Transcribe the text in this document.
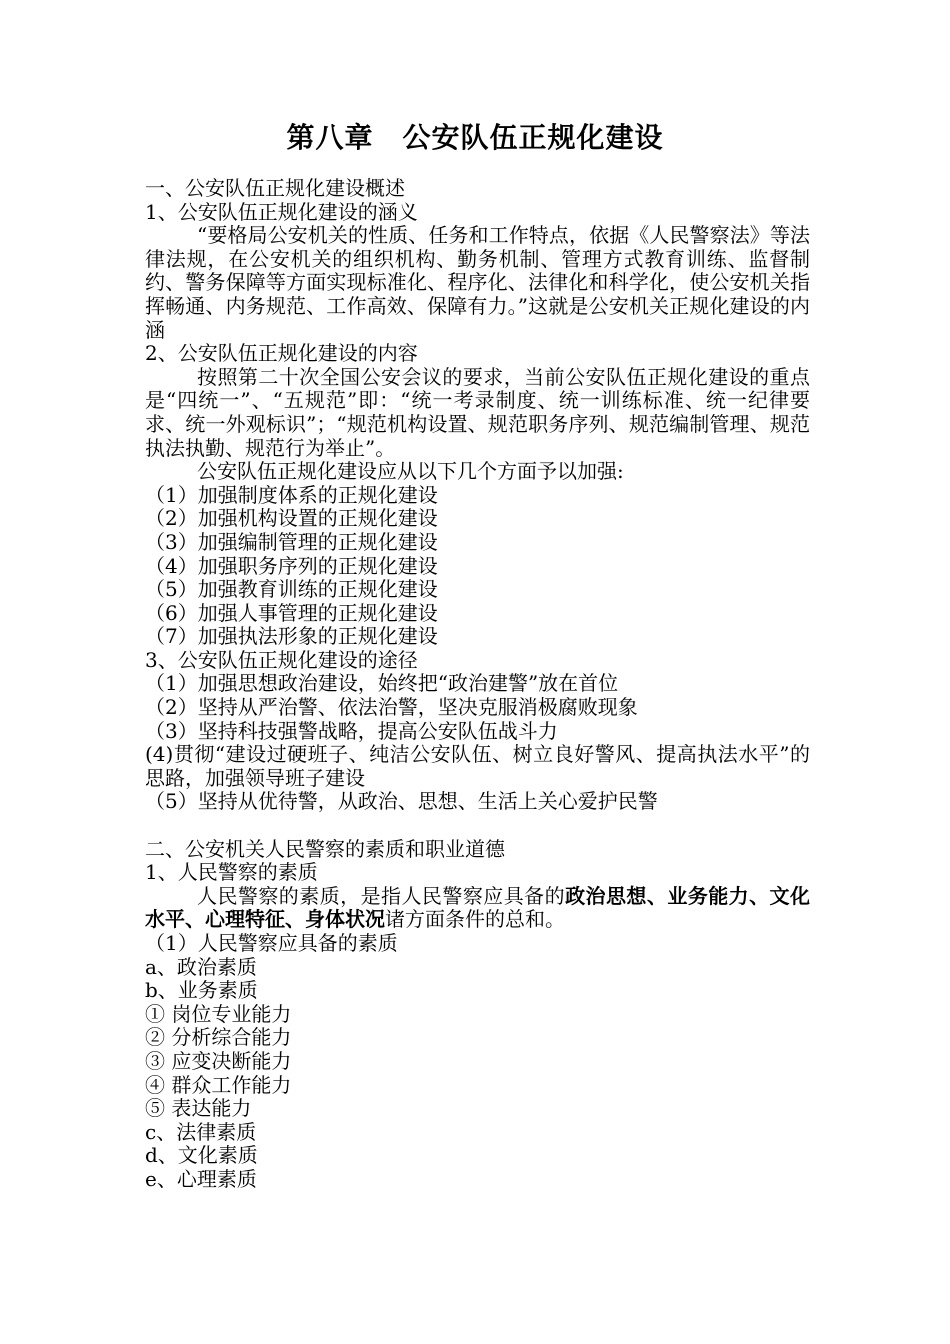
第八章　公安队伍正规化建设

一、公安队伍正规化建设概述

1、公安队伍正规化建设的涵义

“要格局公安机关的性质、任务和工作特点，依据《人民警察法》等法律法规，在公安机关的组织机构、勤务机制、管理方式教育训练、监督制约、警务保障等方面实现标准化、程序化、法律化和科学化，使公安机关指挥畅通、内务规范、工作高效、保障有力。”这就是公安机关正规化建设的内涵

2、公安队伍正规化建设的内容

按照第二十次全国公安会议的要求，当前公安队伍正规化建设的重点是“四统一”、“五规范”即：“统一考录制度、统一训练标准、统一纪律要求、统一外观标识”；“规范机构设置、规范职务序列、规范编制管理、规范执法执勤、规范行为举止”。

公安队伍正规化建设应从以下几个方面予以加强:

（1）加强制度体系的正规化建设

（2）加强机构设置的正规化建设

（3）加强编制管理的正规化建设

（4）加强职务序列的正规化建设

（5）加强教育训练的正规化建设

（6）加强人事管理的正规化建设

（7）加强执法形象的正规化建设

3、公安队伍正规化建设的途径

（1）加强思想政治建设，始终把“政治建警”放在首位

（2）坚持从严治警、依法治警，坚决克服消极腐败现象

（3）坚持科技强警战略，提高公安队伍战斗力

(4)贯彻“建设过硬班子、纯洁公安队伍、树立良好警风、提高执法水平”的思路，加强领导班子建设

（5）坚持从优待警，从政治、思想、生活上关心爱护民警

二、公安机关人民警察的素质和职业道德

1、人民警察的素质

人民警察的素质，是指人民警察应具备的政治思想、业务能力、文化水平、心理特征、身体状况诸方面条件的总和。

（1）人民警察应具备的素质

a、政治素质

b、业务素质

① 岗位专业能力

② 分析综合能力

③ 应变决断能力

④ 群众工作能力

⑤ 表达能力

c、法律素质

d、文化素质

e、心理素质
